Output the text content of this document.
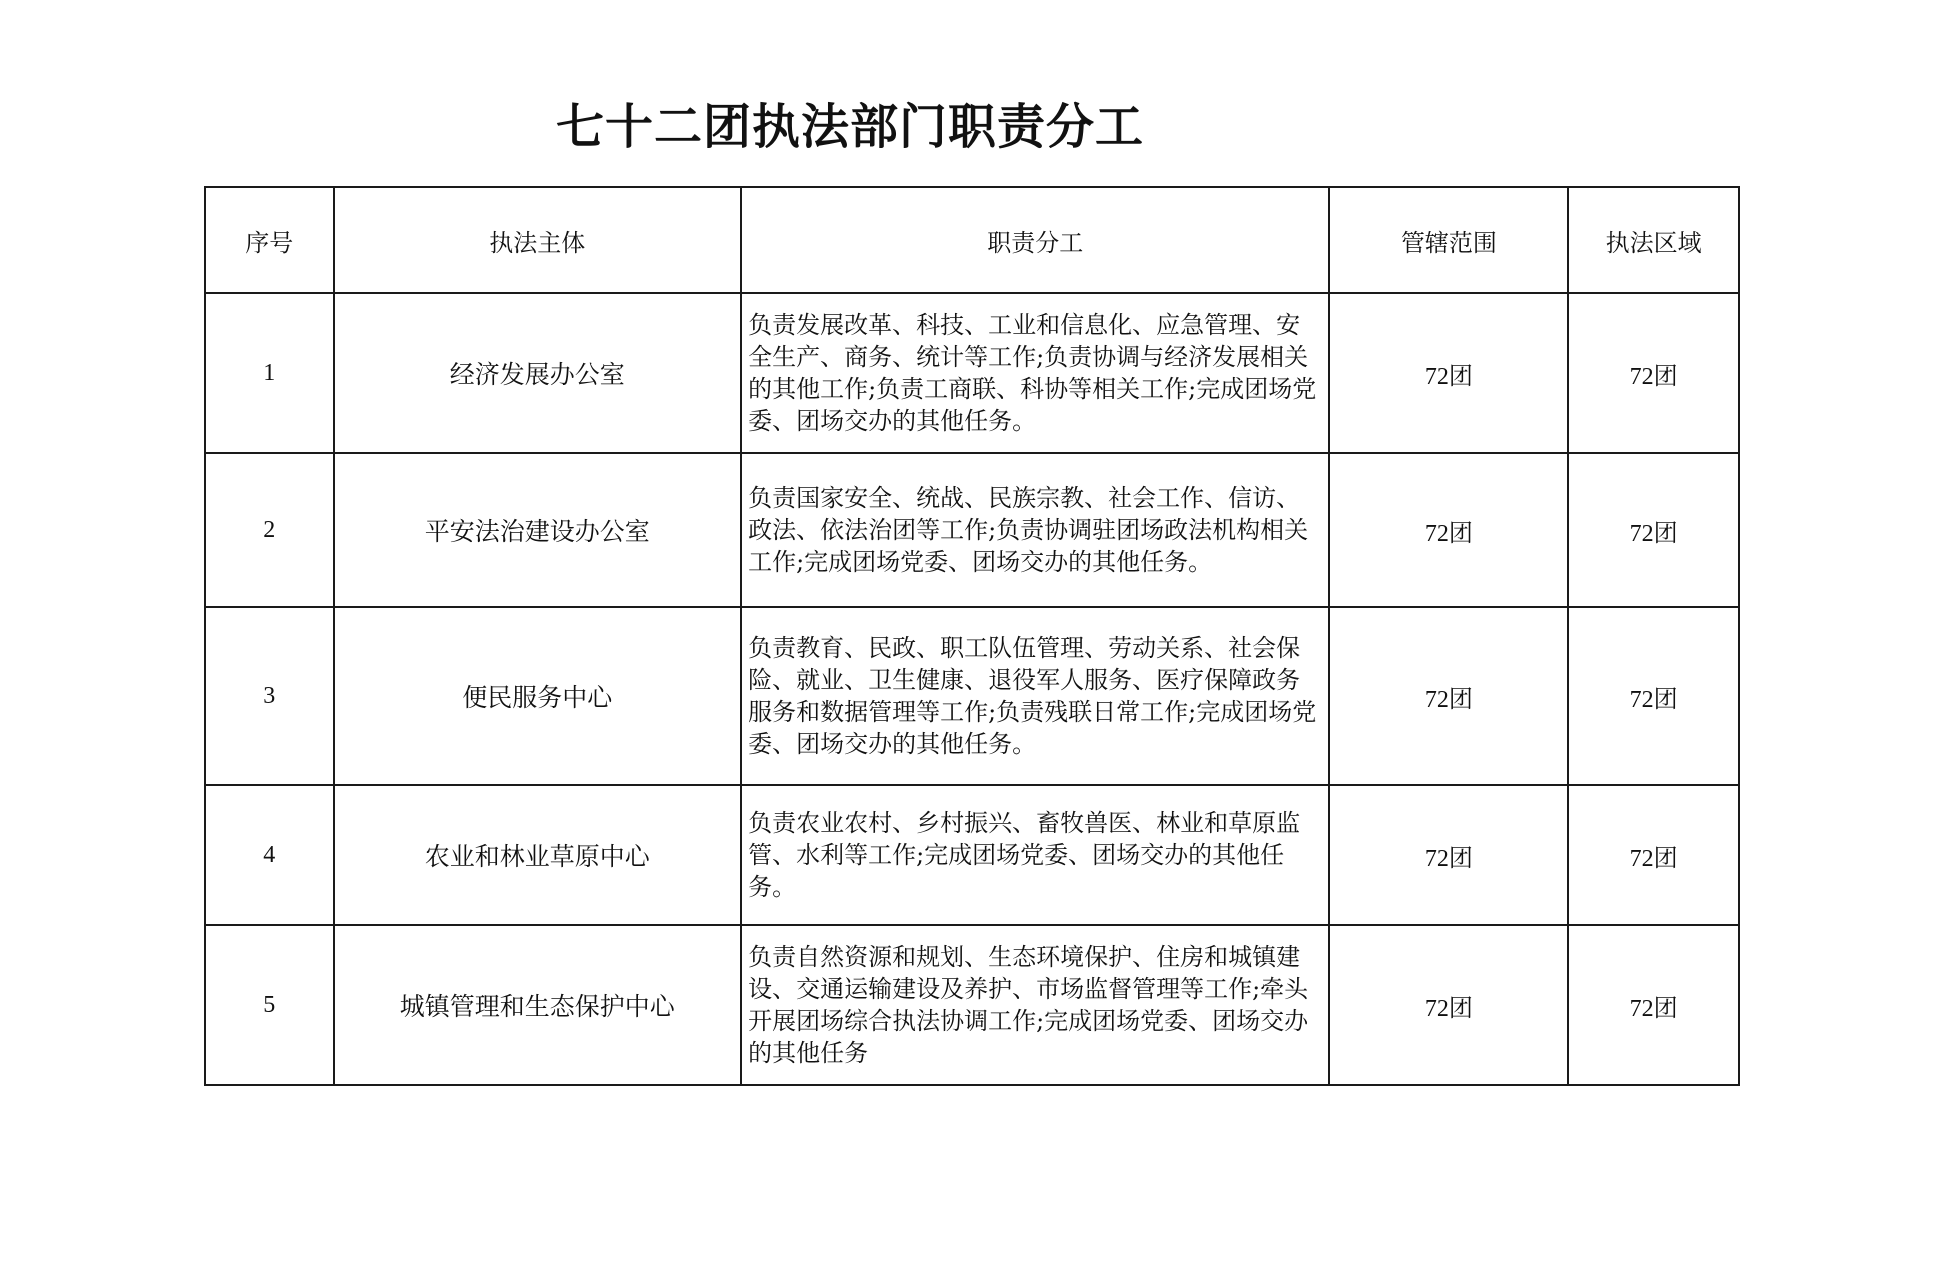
七十二团执法部门职责分工
序号	执法主体	职责分工	管辖范围	执法区域
1	经济发展办公室	负责发展改革、科技、工业和信息化、应急管理、安全生产、商务、统计等工作;负责协调与经济发展相关的其他工作;负责工商联、科协等相关工作;完成团场党委、团场交办的其他任务。	72团	72团
2	平安法治建设办公室	负责国家安全、统战、民族宗教、社会工作、信访、政法、依法治团等工作;负责协调驻团场政法机构相关工作;完成团场党委、团场交办的其他任务。	72团	72团
3	便民服务中心	负责教育、民政、职工队伍管理、劳动关系、社会保险、就业、卫生健康、退役军人服务、医疗保障政务服务和数据管理等工作;负责残联日常工作;完成团场党委、团场交办的其他任务。	72团	72团
4	农业和林业草原中心	负责农业农村、乡村振兴、畜牧兽医、林业和草原监管、水利等工作;完成团场党委、团场交办的其他任务。	72团	72团
5	城镇管理和生态保护中心	负责自然资源和规划、生态环境保护、住房和城镇建设、交通运输建设及养护、市场监督管理等工作;牵头开展团场综合执法协调工作;完成团场党委、团场交办的其他任务	72团	72团
